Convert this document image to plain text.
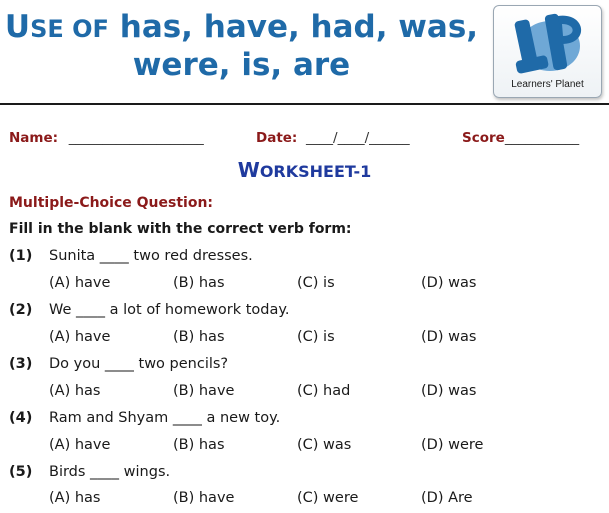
USE OF has, have, had, was,
were, is, are
Learners' Planet
Name: ____________________	Date: ____/____/______	Score___________
WORKSHEET-1
Multiple-Choice Question:
Fill in the blank with the correct verb form:
(1) Sunita ____ two red dresses.
(A) have	(B) has	(C) is	(D) was
(2) We ____ a lot of homework today.
(A) have	(B) has	(C) is	(D) was
(3) Do you ____ two pencils?
(A) has	(B) have	(C) had	(D) was
(4) Ram and Shyam ____ a new toy.
(A) have	(B) has	(C) was	(D) were
(5) Birds ____ wings.
(A) has	(B) have	(C) were	(D) Are
